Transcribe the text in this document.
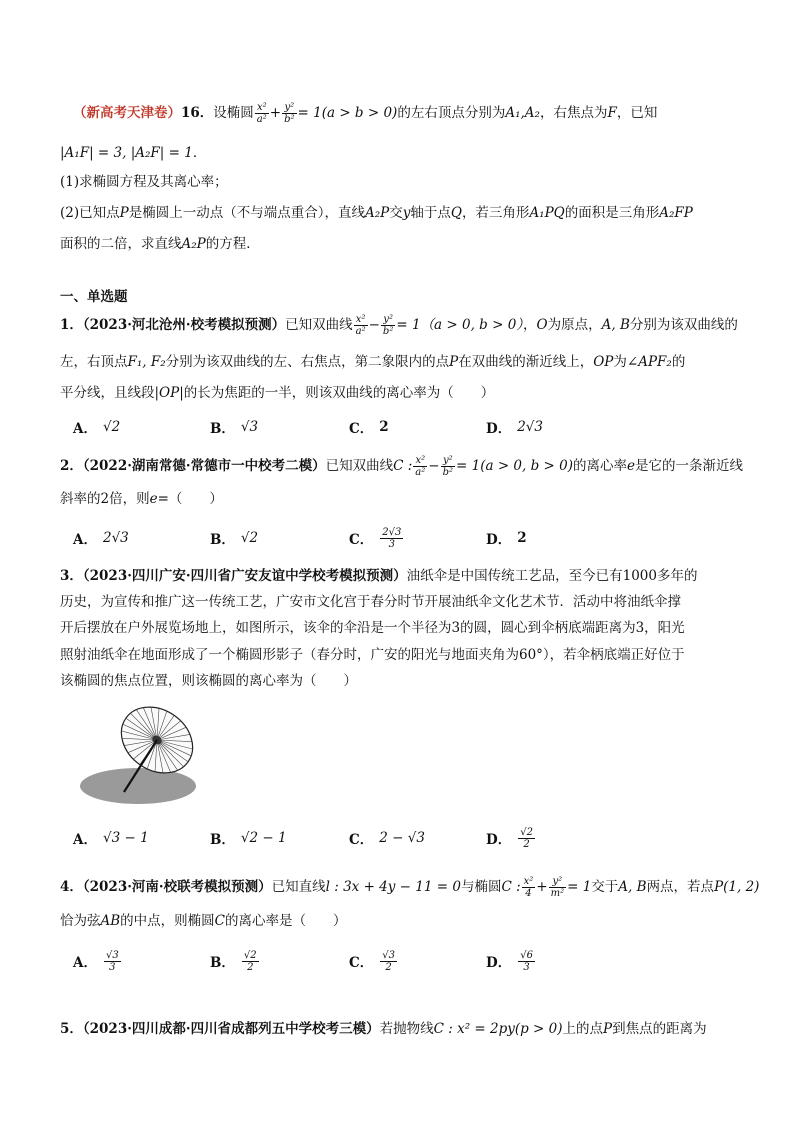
（新高考天津卷）16．设椭圆 $\frac{\text{x²}}{\text{a²}} + \frac{\text{y²}}{\text{b²}} = 1(a > b > 0)$的左右顶点分别为A₁,A₂，右焦点为F，已知
|A₁F| = 3, |A₂F| = 1．
(1)求椭圆方程及其离心率；
(2)已知点P是椭圆上一动点（不与端点重合），直线A₂P交y轴于点Q，若三角形A₁PQ的面积是三角形A₂FP
面积的二倍，求直线A₂P的方程．
一、单选题
1．（2023·河北沧州·校考模拟预测）已知双曲线 $\frac{\text{x²}}{\text{a²}} - \frac{\text{y²}}{\text{b²}} = 1(a > 0$, b > 0），O为原点，A, B分别为该双曲线的
左，右顶点F₁, F₂分别为该双曲线的左、右焦点，第二象限内的点P在双曲线的渐近线上，OP为∠APF₂的
平分线，且线段|OP|的长为焦距的一半，则该双曲线的离心率为（　　）
A． √2	B． √3	C． 2	D． 2√3
2．（2022·湖南常德·常德市一中校考二模）已知双曲线C : $\frac{\text{x²}}{\text{a²}} - \frac{\text{y²}}{\text{b²}} = 1(a > 0$, b > 0)的离心率e是它的一条渐近线
斜率的2倍，则e=（　　）
A． 2√3	B． √2	C． $\frac{2√3}{3}$	D． 2
3．（2023·四川广安·四川省广安友谊中学校考模拟预测）油纸伞是中国传统工艺品，至今已有1000多年的
历史，为宣传和推广这一传统工艺，广安市文化宫于春分时节开展油纸伞文化艺术节．活动中将油纸伞撑
开后摆放在户外展览场地上，如图所示，该伞的伞沿是一个半径为3的圆，圆心到伞柄底端距离为3，阳光
照射油纸伞在地面形成了一个椭圆形影子（春分时，广安的阳光与地面夹角为60°），若伞柄底端正好位于
该椭圆的焦点位置，则该椭圆的离心率为（　　）
A． √3 − 1	B． √2 − 1	C． 2 − √3	D． $\frac{√2}{2}$
4．（2023·河南·校联考模拟预测）已知直线l : 3x + 4y − 11 = 0与椭圆C : $\frac{\text{x²}}{4} + \frac{\text{y²}}{\text{m²}} = 1$交于A, B两点，若点P(1, 2)
恰为弦AB的中点，则椭圆C的离心率是（　　）
A． $\frac{√3}{3}$	B． $\frac{√2}{2}$	C． $\frac{√3}{2}$	D． $\frac{√6}{3}$
5．（2023·四川成都·四川省成都列五中学校考三模）若抛物线C : x² = 2py(p > 0)上的点P到焦点的距离为
